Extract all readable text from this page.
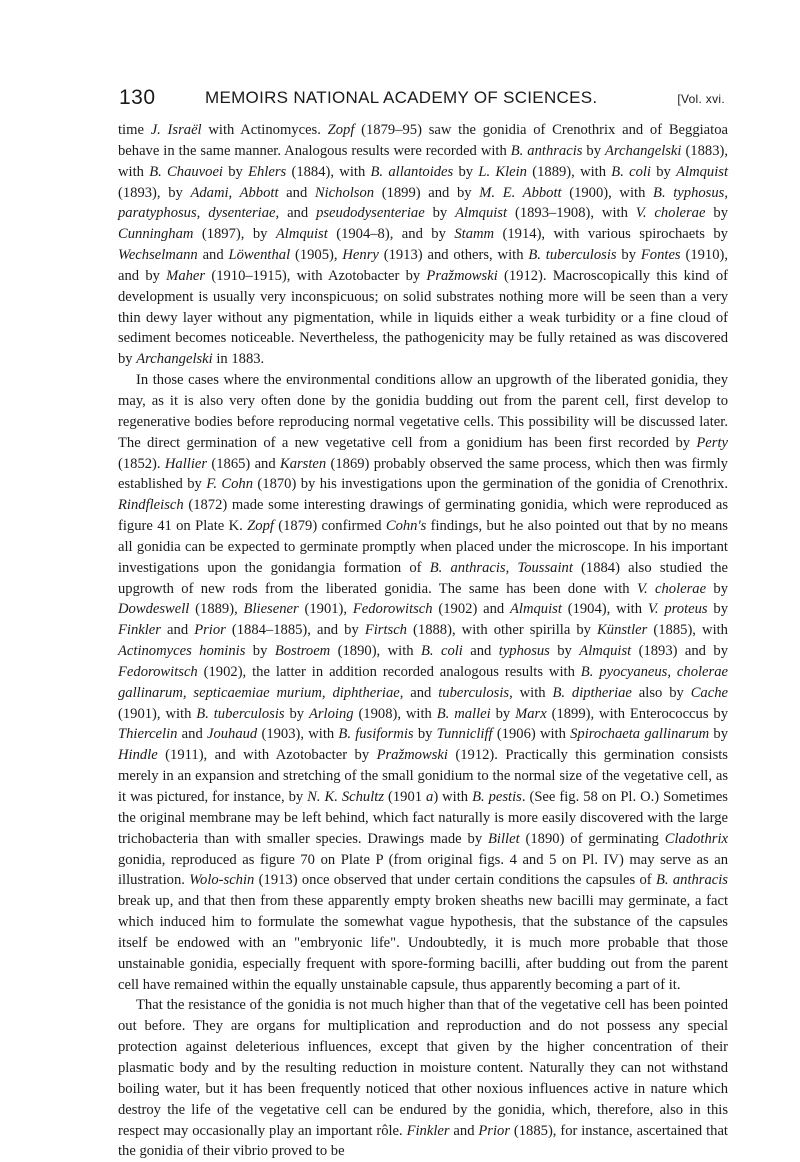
130	MEMOIRS NATIONAL ACADEMY OF SCIENCES.	[Vol. xvi.

time J. Israël with Actinomyces. Zopf (1879–95) saw the gonidia of Crenothrix and of Beggiatoa behave in the same manner. Analogous results were recorded with B. anthracis by Archangelski (1883), with B. Chauvoei by Ehlers (1884), with B. allantoides by L. Klein (1889), with B. coli by Almquist (1893), by Adami, Abbott and Nicholson (1899) and by M. E. Abbott (1900), with B. typhosus, paratyphosus, dysenteriae, and pseudodysenteriae by Almquist (1893–1908), with V. cholerae by Cunningham (1897), by Almquist (1904–8), and by Stamm (1914), with various spirochaets by Wechselmann and Löwenthal (1905), Henry (1913) and others, with B. tuberculosis by Fontes (1910), and by Maher (1910–1915), with Azotobacter by Pražmowski (1912). Macroscopically this kind of development is usually very inconspicuous; on solid substrates nothing more will be seen than a very thin dewy layer without any pigmentation, while in liquids either a weak turbidity or a fine cloud of sediment becomes noticeable. Nevertheless, the pathogenicity may be fully retained as was discovered by Archangelski in 1883.

In those cases where the environmental conditions allow an upgrowth of the liberated gonidia, they may, as it is also very often done by the gonidia budding out from the parent cell, first develop to regenerative bodies before reproducing normal vegetative cells. This possibility will be discussed later. The direct germination of a new vegetative cell from a gonidium has been first recorded by Perty (1852). Hallier (1865) and Karsten (1869) probably observed the same process, which then was firmly established by F. Cohn (1870) by his investigations upon the germination of the gonidia of Crenothrix. Rindfleisch (1872) made some interesting drawings of germinating gonidia, which were reproduced as figure 41 on Plate K. Zopf (1879) confirmed Cohn's findings, but he also pointed out that by no means all gonidia can be expected to germinate promptly when placed under the microscope. In his important investigations upon the gonidangia formation of B. anthracis, Toussaint (1884) also studied the upgrowth of new rods from the liberated gonidia. The same has been done with V. cholerae by Dowdeswell (1889), Bliesener (1901), Fedorowitsch (1902) and Almquist (1904), with V. proteus by Finkler and Prior (1884–1885), and by Firtsch (1888), with other spirilla by Künstler (1885), with Actinomyces hominis by Bostroem (1890), with B. coli and typhosus by Almquist (1893) and by Fedorowitsch (1902), the latter in addition recorded analogous results with B. pyocyaneus, cholerae gallinarum, septicaemiae murium, diphtheriae, and tuberculosis, with B. diptheriae also by Cache (1901), with B. tuberculosis by Arloing (1908), with B. mallei by Marx (1899), with Enterococcus by Thiercelin and Jouhaud (1903), with B. fusiformis by Tunnicliff (1906) with Spirochaeta gallinarum by Hindle (1911), and with Azotobacter by Pražmowski (1912). Practically this germination consists merely in an expansion and stretching of the small gonidium to the normal size of the vegetative cell, as it was pictured, for instance, by N. K. Schultz (1901 a) with B. pestis. (See fig. 58 on Pl. O.) Sometimes the original membrane may be left behind, which fact naturally is more easily discovered with the large trichobacteria than with smaller species. Drawings made by Billet (1890) of germinating Cladothrix gonidia, reproduced as figure 70 on Plate P (from original figs. 4 and 5 on Pl. IV) may serve as an illustration. Wolo-schin (1913) once observed that under certain conditions the capsules of B. anthracis break up, and that then from these apparently empty broken sheaths new bacilli may germinate, a fact which induced him to formulate the somewhat vague hypothesis, that the substance of the capsules itself be endowed with an "embryonic life". Undoubtedly, it is much more probable that those unstainable gonidia, especially frequent with spore-forming bacilli, after budding out from the parent cell have remained within the equally unstainable capsule, thus apparently becoming a part of it.

That the resistance of the gonidia is not much higher than that of the vegetative cell has been pointed out before. They are organs for multiplication and reproduction and do not possess any special protection against deleterious influences, except that given by the higher concentration of their plasmatic body and by the resulting reduction in moisture content. Naturally they can not withstand boiling water, but it has been frequently noticed that other noxious influences active in nature which destroy the life of the vegetative cell can be endured by the gonidia, which, therefore, also in this respect may occasionally play an important rôle. Finkler and Prior (1885), for instance, ascertained that the gonidia of their vibrio proved to be
